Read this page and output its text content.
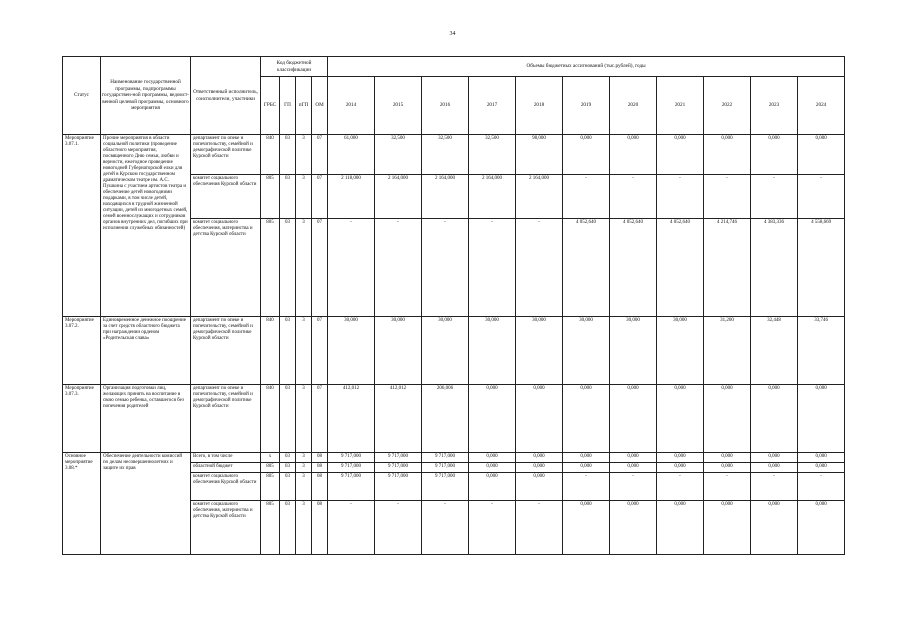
34
Статус	Наименование государственной программы, подпрограммы государствен-ной программы, ведомст-венной целевой программы, основного мероприятия	Ответственный исполнитель, соисполнители, участники	Код бюджетной классификации				Объемы бюджетных ассигнований (тыс.рублей), годы										
			ГРБС	ГП	пГП	ОМ	2014	2015	2016	2017	2018	2019	2020	2021	2022	2023	2024
Мероприятие 3.07.1.	Прочие мероприятия в области социальной политики (проведение областного мероприятия, посвященного Дню семьи, любви и верности, ежегодное проведение новогодней Губернаторской елки для детей в Курском государственном драматическом театре им. А.С. Пушкина с участием артистов театра и обеспечение детей новогодними подарками, в том числе детей, находящихся в трудной жизненной ситуации, детей из многодетных семей, семей военнослужащих и сотрудников органов внутренних дел, погибших при исполнении служебных обязанностей)	департамент по опеке и попечительству, семейной и демографической политике Курской области	840	03	3	07	61,000	32,500	32,500	32,500	98,000	0,000	0,000	0,000	0,000	0,000	0,000
		комитет социального обеспечения Курской области	805	03	3	07	2 118,000	2 164,000	2 164,000	2 164,000	2 164,000	-	-	-	-	-	-
		комитет социального обеспечения, материнства и детства Курской области	805	03	3	07	-	-	-	-	-	4 052,640	4 052,640	4 052,640	4 214,746	4 383,336	4 558,669
Мероприятие 3.07.2.	Единовременное денежное поощрение за счет средств областного бюджета при награждении орденом «Родительская слава»	департамент по опеке и попечительству, семейной и демографической политике Курской области	840	03	3	07	30,000	30,000	30,000	30,000	30,000	30,000	30,000	30,000	31,200	32,448	33,746
Мероприятие 3.07.3.	Организация подготовки лиц, желающих принять на воспитание в свою семью ребенка, оставшегося без попечения родителей	департамент по опеке и попечительству, семейной и демографической политике Курской области	840	03	3	07	412,012	412,012	206,006	0,000	0,000	0,000	0,000	0,000	0,000	0,000	0,000
Основное мероприятие 3.08.*	Обеспечение деятельности комиссий по делам несовершеннолетних и защите их прав	Всего, в том числе	х	03	3	08	9 717,000	9 717,000	9 717,000	0,000	0,000	0,000	0,000	0,000	0,000	0,000	0,000
		областной бюджет	805	03	3	08	9 717,000	9 717,000	9 717,000	0,000	0,000	0,000	0,000	0,000	0,000	0,000	0,000
		комитет социального обеспечения Курской области	805	03	3	08	9 717,000	9 717,000	9 717,000	0,000	0,000	-	-	-	-	-	-
		комитет социального обеспечения, материнства и детства Курской области	805	03	3	08	-	-	-	-	-	0,000	0,000	0,000	0,000	0,000	0,000
